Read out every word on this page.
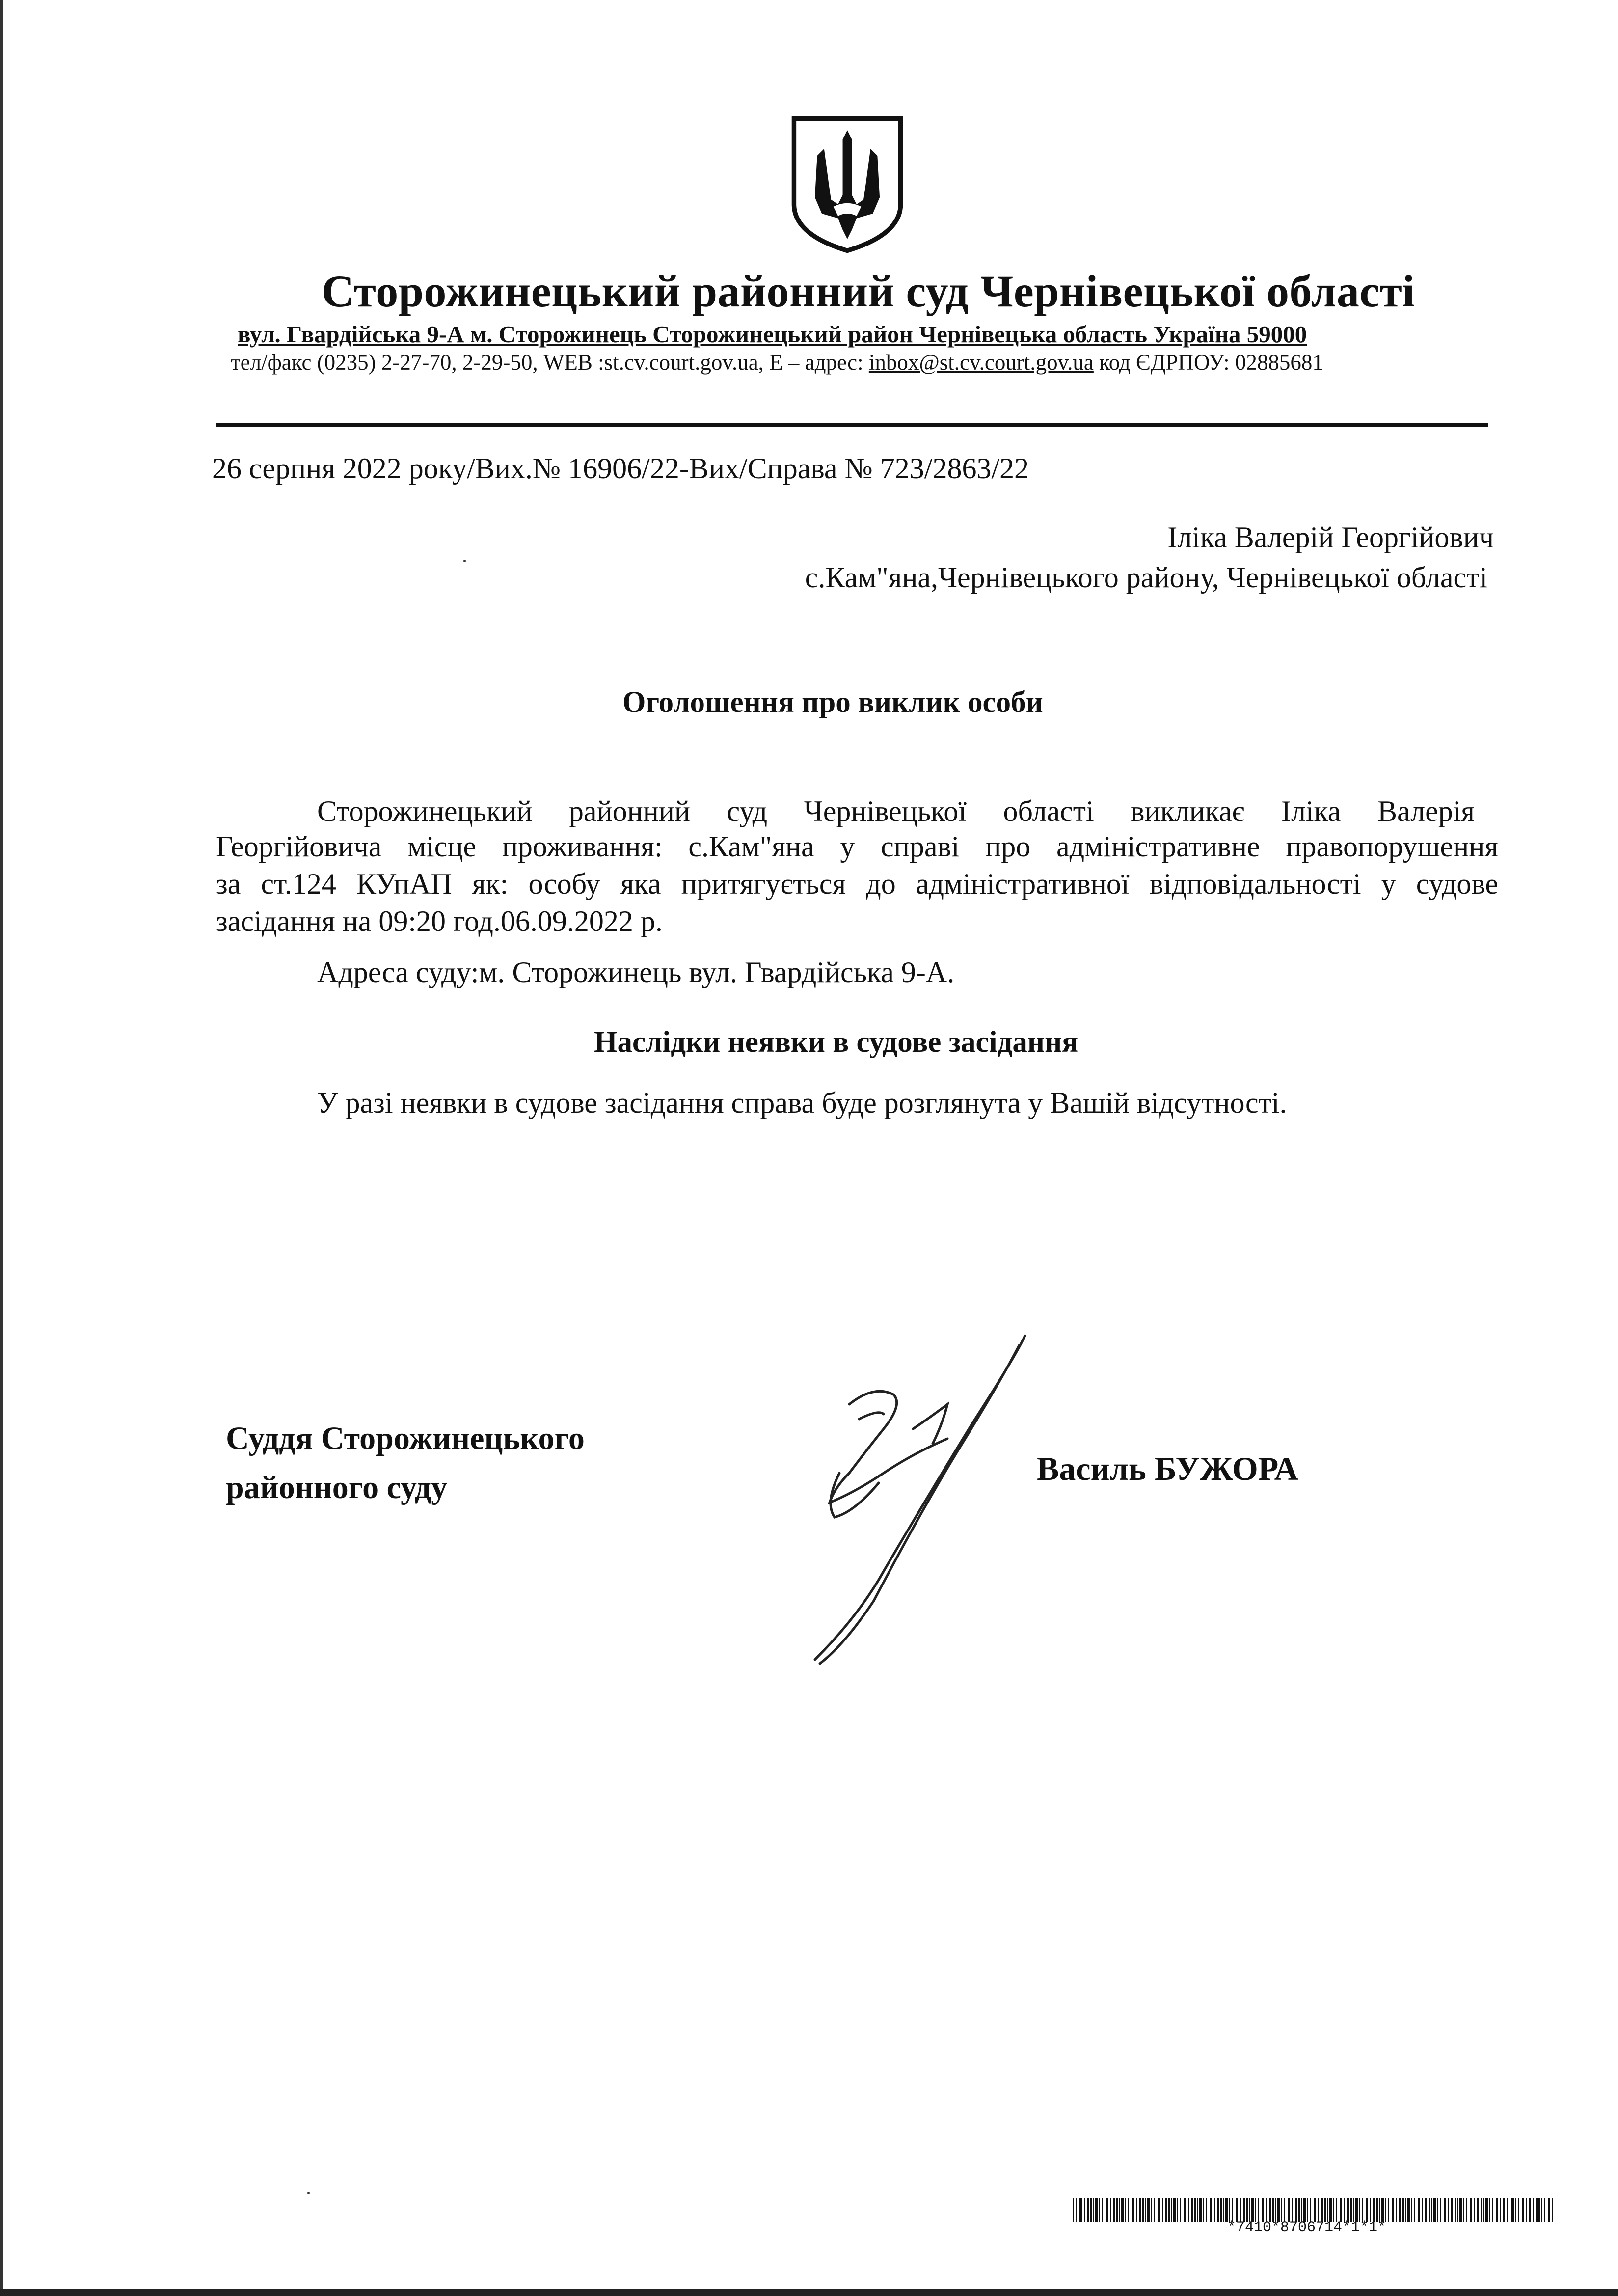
Сторожинецький районний суд Чернівецької області
вул. Гвардійська 9-А м. Сторожинець Сторожинецький район Чернівецька область Україна 59000
тел/факс (0235) 2-27-70, 2-29-50, WEB :st.cv.court.gov.ua, E – адрес: inbox@st.cv.court.gov.ua код ЄДРПОУ: 02885681
26 серпня 2022 року/Вих.№ 16906/22-Вих/Справа № 723/2863/22
Іліка Валерій Георгійович
с.Кам"яна,Чернівецького району, Чернівецької області
Оголошення про виклик особи
Сторожинецький районний суд Чернівецької області викликає Іліка Валерія
Георгійовича місце проживання: с.Кам"яна у справі про адміністративне правопорушення
за ст.124 КУпАП як: особу яка притягується до адміністративної відповідальності у судове
засідання на 09:20 год.06.09.2022 р.
Адреса суду:м. Сторожинець вул. Гвардійська 9-А.
Наслідки неявки в судове засідання
У разі неявки в судове засідання справа буде розглянута у Вашій відсутності.
Суддя Сторожинецького
районного суду
Василь БУЖОРА
*7410*8706714*1*1*
